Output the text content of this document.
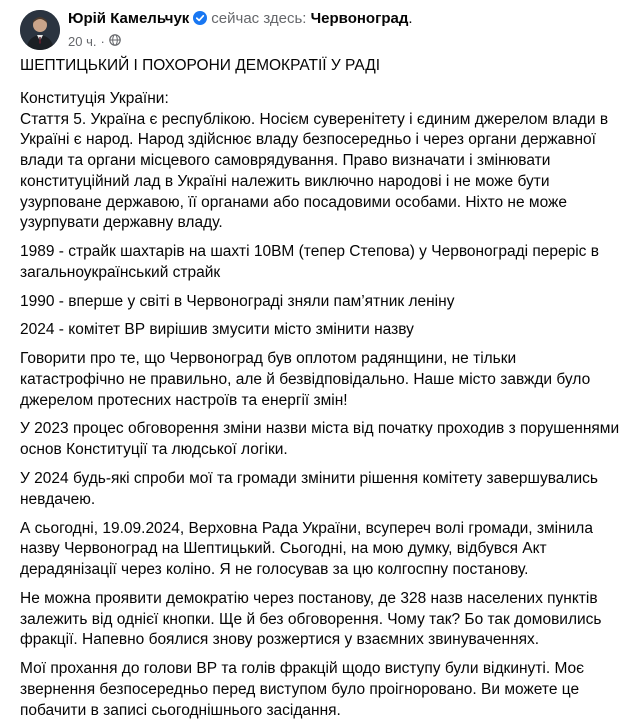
Юрій Камельчук сейчас здесь: Червоноград.
20 ч. ·

ШЕПТИЦЬКИЙ І ПОХОРОНИ ДЕМОКРАТІЇ У РАДІ

Конституція України:
Стаття 5. Україна є республікою. Носієм суверенітету і єдиним джерелом влади в Україні є народ. Народ здійснює владу безпосередньо і через органи державної влади та органи місцевого самоврядування. Право визначати і змінювати конституційний лад в Україні належить виключно народові і не може бути узурповане державою, її органами або посадовими особами. Ніхто не може узурпувати державну владу.

1989 - страйк шахтарів на шахті 10ВМ (тепер Степова) у Червонограді переріс в загальноукраїнський страйк

1990 - вперше у світі в Червонограді зняли пам’ятник леніну

2024 - комітет ВР вирішив змусити місто змінити назву

Говорити про те, що Червоноград був оплотом радянщини, не тільки катастрофічно не правильно, але й безвідповідально. Наше місто завжди було джерелом протесних настроїв та енергії змін!

У 2023 процес обговорення зміни назви міста від початку проходив з порушеннями основ Конституції та людської логіки.

У 2024 будь-які спроби мої та громади змінити рішення комітету завершувались невдачею.

А сьогодні, 19.09.2024, Верховна Рада України, всупереч волі громади, змінила назву Червоноград на Шептицький. Сьогодні, на мою думку, відбувся Акт дерадянізації через коліно. Я не голосував за цю колгоспну постанову.

Не можна проявити демократію через постанову, де 328 назв населених пунктів залежить від однієї кнопки. Ще й без обговорення. Чому так? Бо так домовились фракції. Напевно боялися знову розжертися у взаємних звинуваченнях.

Мої прохання до голови ВР та голів фракцій щодо виступу були відкинуті. Моє звернення безпосередньо перед виступом було проігноровано. Ви можете це побачити в записі сьогоднішнього засідання.
